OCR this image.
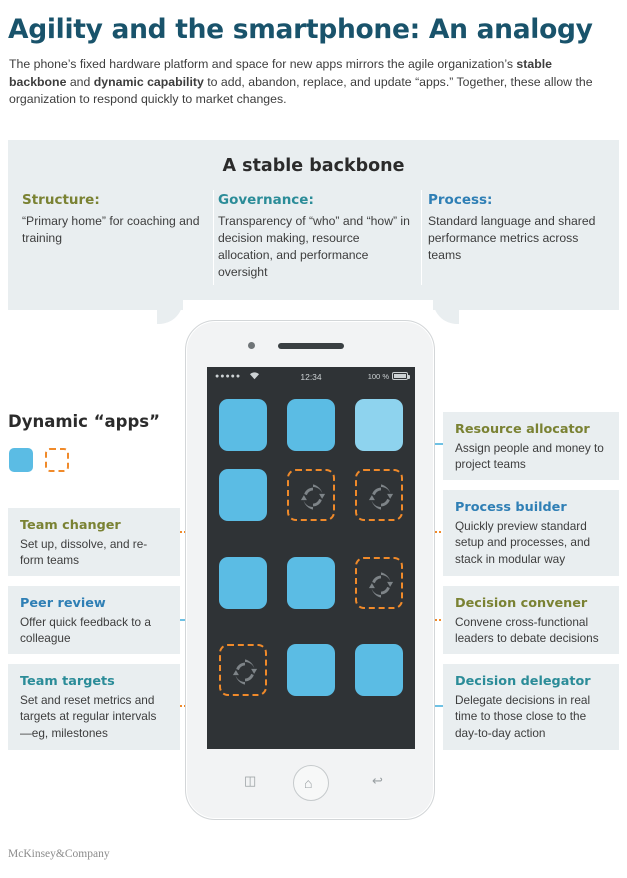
Agility and the smartphone: An analogy
The phone’s fixed hardware platform and space for new apps mirrors the agile organization’s stable backbone and dynamic capability to add, abandon, replace, and update “apps.” Together, these allow the organization to respond quickly to market changes.
A stable backbone
Structure:
“Primary home” for coaching and training
Governance:
Transparency of “who” and “how” in decision making, resource allocation, and performance oversight
Process:
Standard language and shared performance metrics across teams
Dynamic “apps”
●●●●●	12:34	100 %
◫	⌂	↩
Team changer
Set up, dissolve, and re-form teams
Peer review
Offer quick feedback to a colleague
Team targets
Set and reset metrics and targets at regular intervals—eg, milestones
Resource allocator
Assign people and money to project teams
Process builder
Quickly preview standard setup and processes, and stack in modular way
Decision convener
Convene cross-functional leaders to debate decisions
Decision delegator
Delegate decisions in real time to those close to the day-to-day action
McKinsey&Company
